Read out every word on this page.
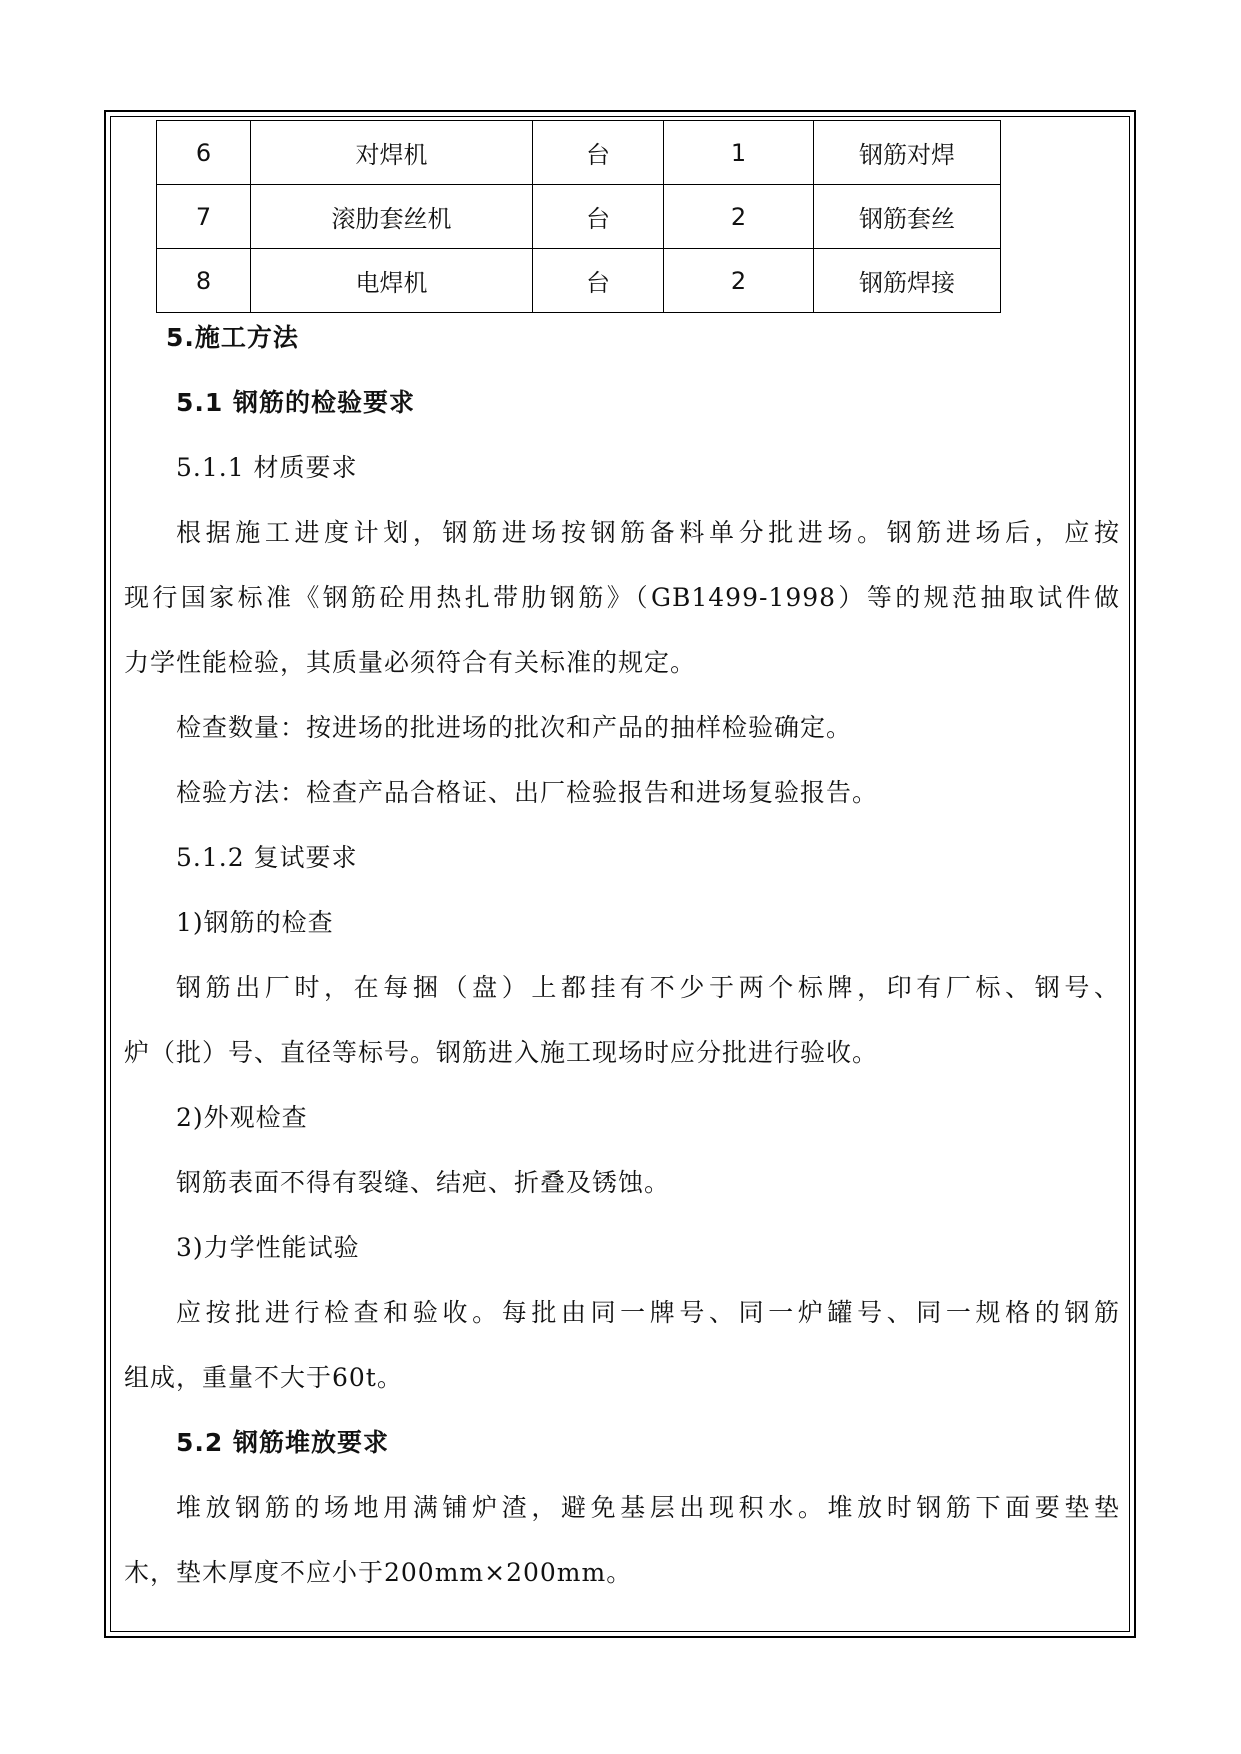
6	对焊机	台	1	钢筋对焊
7	滚肋套丝机	台	2	钢筋套丝
8	电焊机	台	2	钢筋焊接
5.施工方法
5.1 钢筋的检验要求
5.1.1 材质要求
根据施工进度计划，钢筋进场按钢筋备料单分批进场。钢筋进场后，应按
现行国家标准《钢筋砼用热扎带肋钢筋》（GB1499-1998）等的规范抽取试件做
力学性能检验，其质量必须符合有关标准的规定。
检查数量：按进场的批进场的批次和产品的抽样检验确定。
检验方法：检查产品合格证、出厂检验报告和进场复验报告。
5.1.2 复试要求
1)钢筋的检查
钢筋出厂时，在每捆（盘）上都挂有不少于两个标牌，印有厂标、钢号、
炉（批）号、直径等标号。钢筋进入施工现场时应分批进行验收。
2)外观检查
钢筋表面不得有裂缝、结疤、折叠及锈蚀。
3)力学性能试验
应按批进行检查和验收。每批由同一牌号、同一炉罐号、同一规格的钢筋
组成，重量不大于60t。
5.2 钢筋堆放要求
堆放钢筋的场地用满铺炉渣，避免基层出现积水。堆放时钢筋下面要垫垫
木，垫木厚度不应小于200mm×200mm。
